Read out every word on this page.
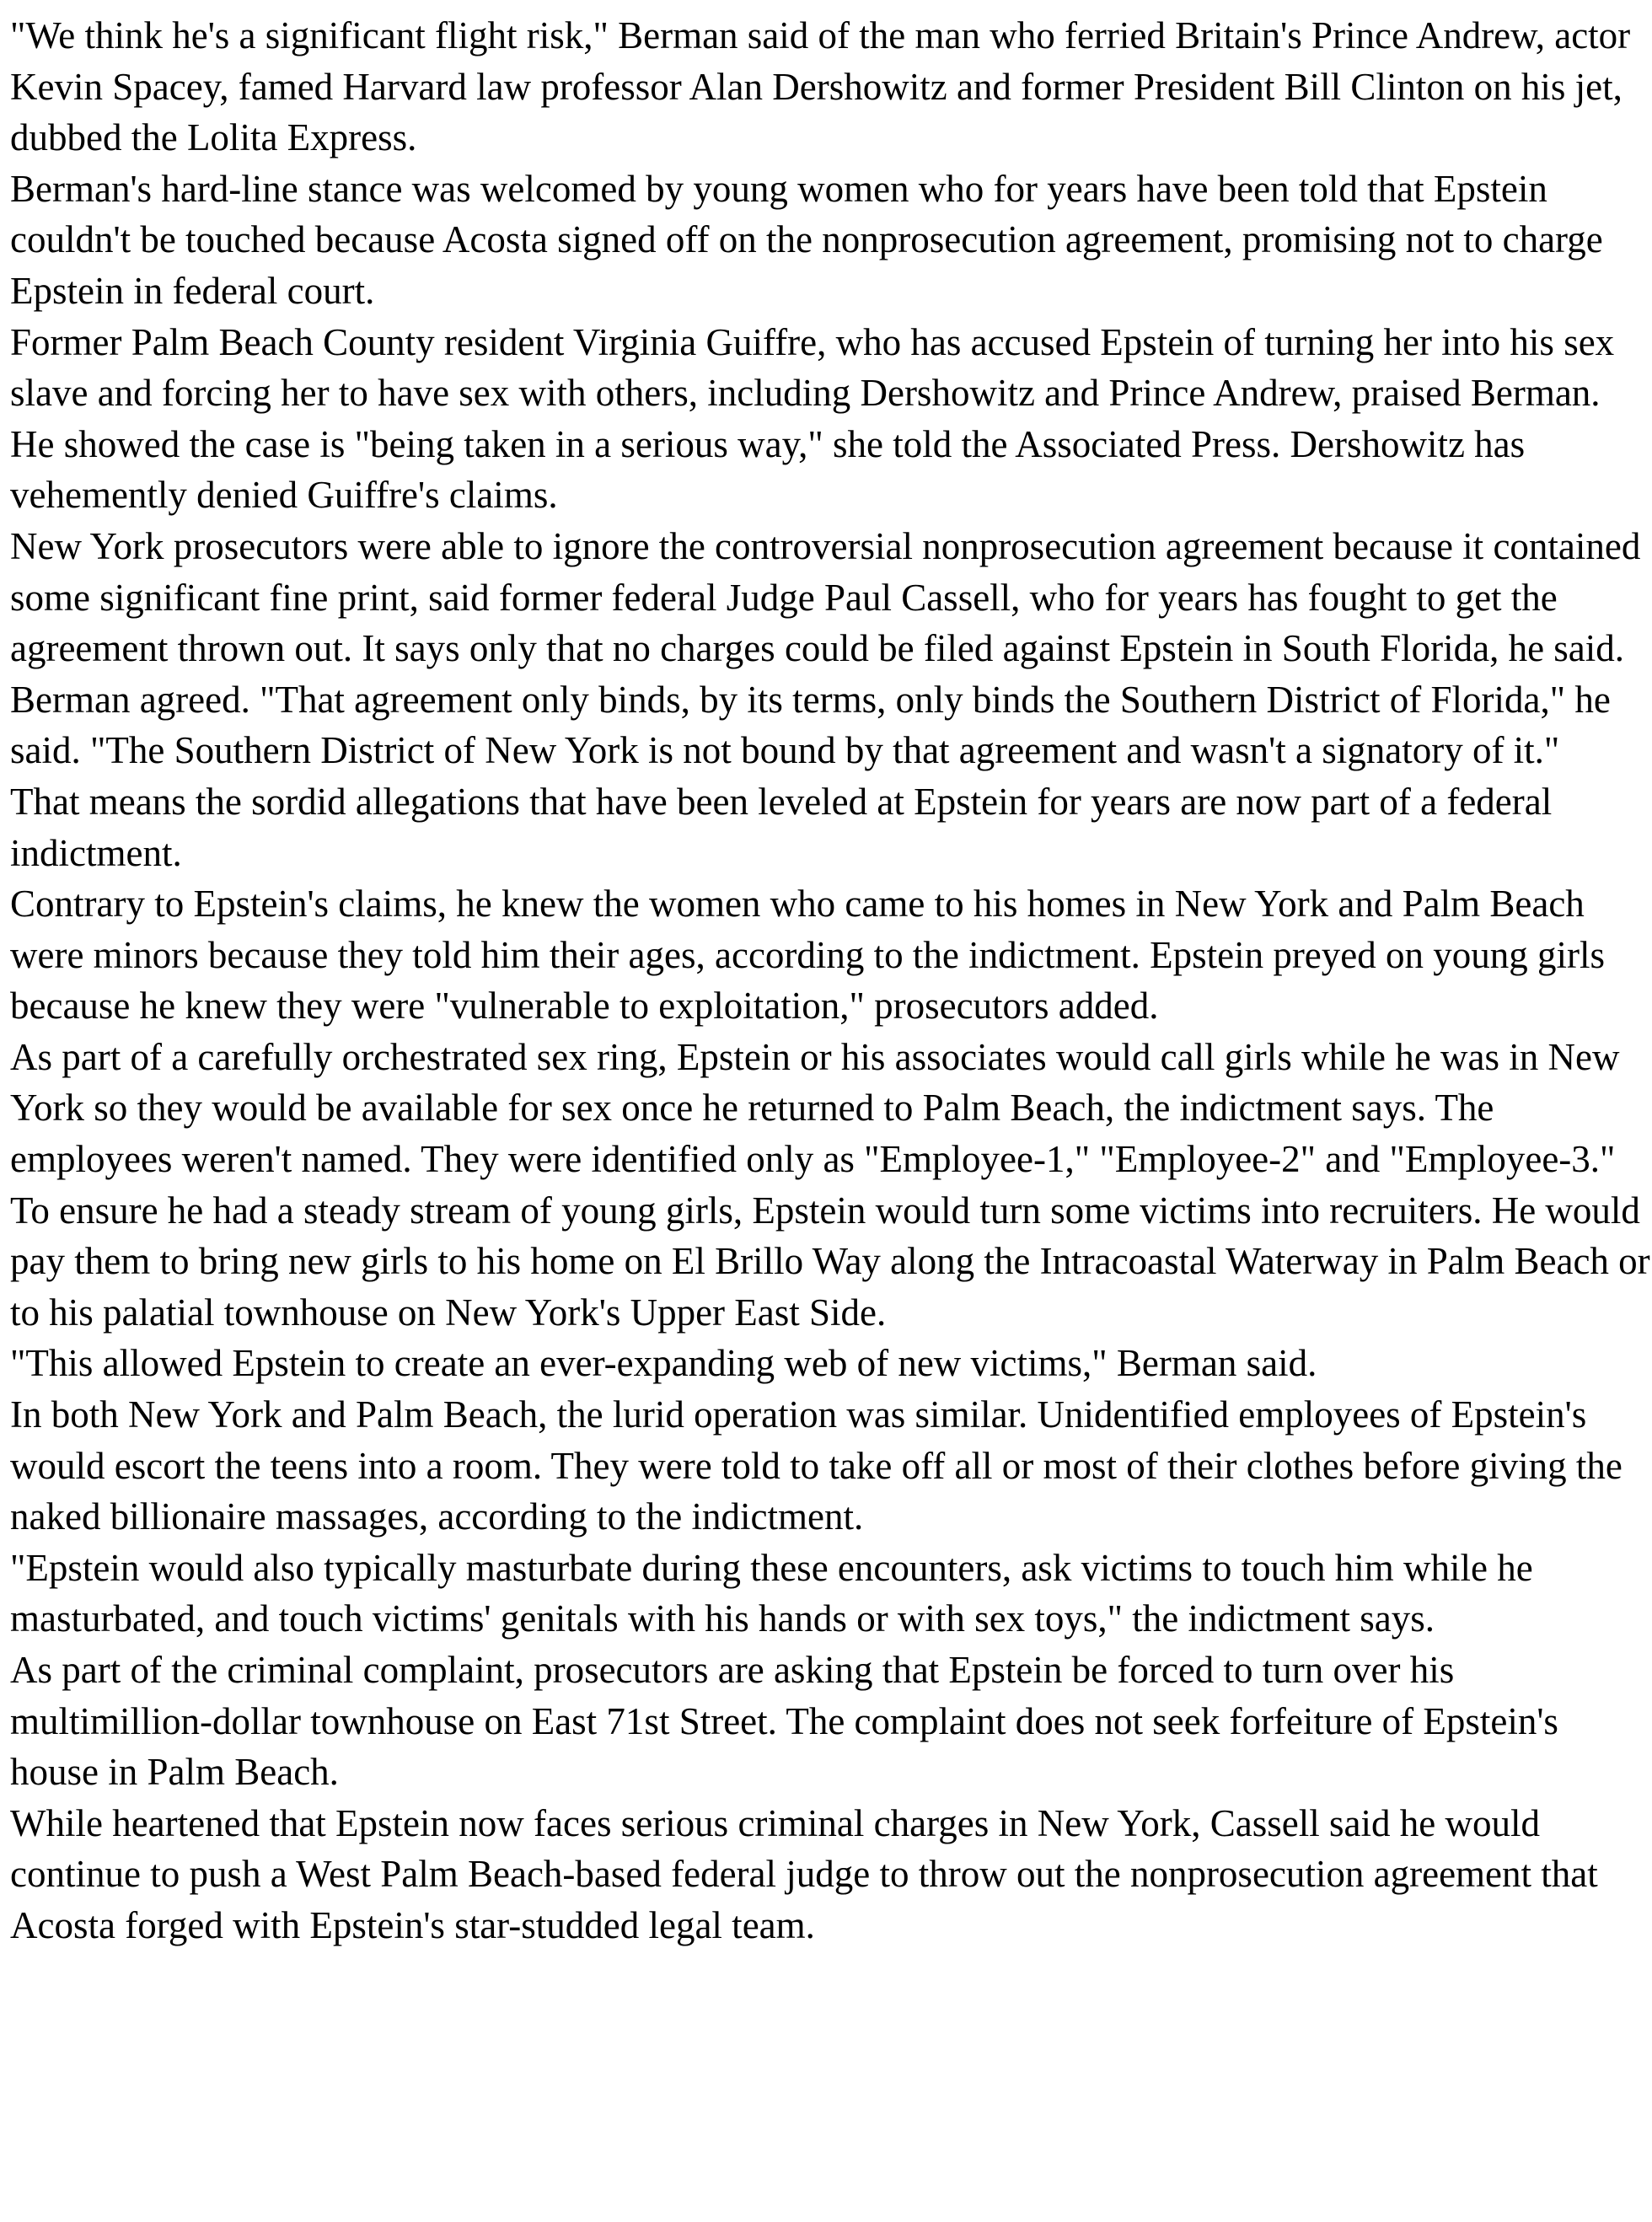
"We think he's a significant flight risk," Berman said of the man who ferried Britain's Prince Andrew, actor Kevin Spacey, famed Harvard law professor Alan Dershowitz and former President Bill Clinton on his jet, dubbed the Lolita Express.

Berman's hard-line stance was welcomed by young women who for years have been told that Epstein couldn't be touched because Acosta signed off on the nonprosecution agreement, promising not to charge Epstein in federal court.

Former Palm Beach County resident Virginia Guiffre, who has accused Epstein of turning her into his sex slave and forcing her to have sex with others, including Dershowitz and Prince Andrew, praised Berman. He showed the case is "being taken in a serious way," she told the Associated Press. Dershowitz has vehemently denied Guiffre's claims.

New York prosecutors were able to ignore the controversial nonprosecution agreement because it contained some significant fine print, said former federal Judge Paul Cassell, who for years has fought to get the agreement thrown out. It says only that no charges could be filed against Epstein in South Florida, he said.

Berman agreed. "That agreement only binds, by its terms, only binds the Southern District of Florida," he said. "The Southern District of New York is not bound by that agreement and wasn't a signatory of it."

That means the sordid allegations that have been leveled at Epstein for years are now part of a federal indictment.

Contrary to Epstein's claims, he knew the women who came to his homes in New York and Palm Beach were minors because they told him their ages, according to the indictment. Epstein preyed on young girls because he knew they were "vulnerable to exploitation," prosecutors added.

As part of a carefully orchestrated sex ring, Epstein or his associates would call girls while he was in New York so they would be available for sex once he returned to Palm Beach, the indictment says. The employees weren't named. They were identified only as "Employee-1," "Employee-2" and "Employee-3."

To ensure he had a steady stream of young girls, Epstein would turn some victims into recruiters. He would pay them to bring new girls to his home on El Brillo Way along the Intracoastal Waterway in Palm Beach or to his palatial townhouse on New York's Upper East Side.

"This allowed Epstein to create an ever-expanding web of new victims," Berman said.

In both New York and Palm Beach, the lurid operation was similar. Unidentified employees of Epstein's would escort the teens into a room. They were told to take off all or most of their clothes before giving the naked billionaire massages, according to the indictment.

"Epstein would also typically masturbate during these encounters, ask victims to touch him while he masturbated, and touch victims' genitals with his hands or with sex toys," the indictment says.

As part of the criminal complaint, prosecutors are asking that Epstein be forced to turn over his multimillion-dollar townhouse on East 71st Street. The complaint does not seek forfeiture of Epstein's house in Palm Beach.

While heartened that Epstein now faces serious criminal charges in New York, Cassell said he would continue to push a West Palm Beach-based federal judge to throw out the nonprosecution agreement that Acosta forged with Epstein's star-studded legal team.
